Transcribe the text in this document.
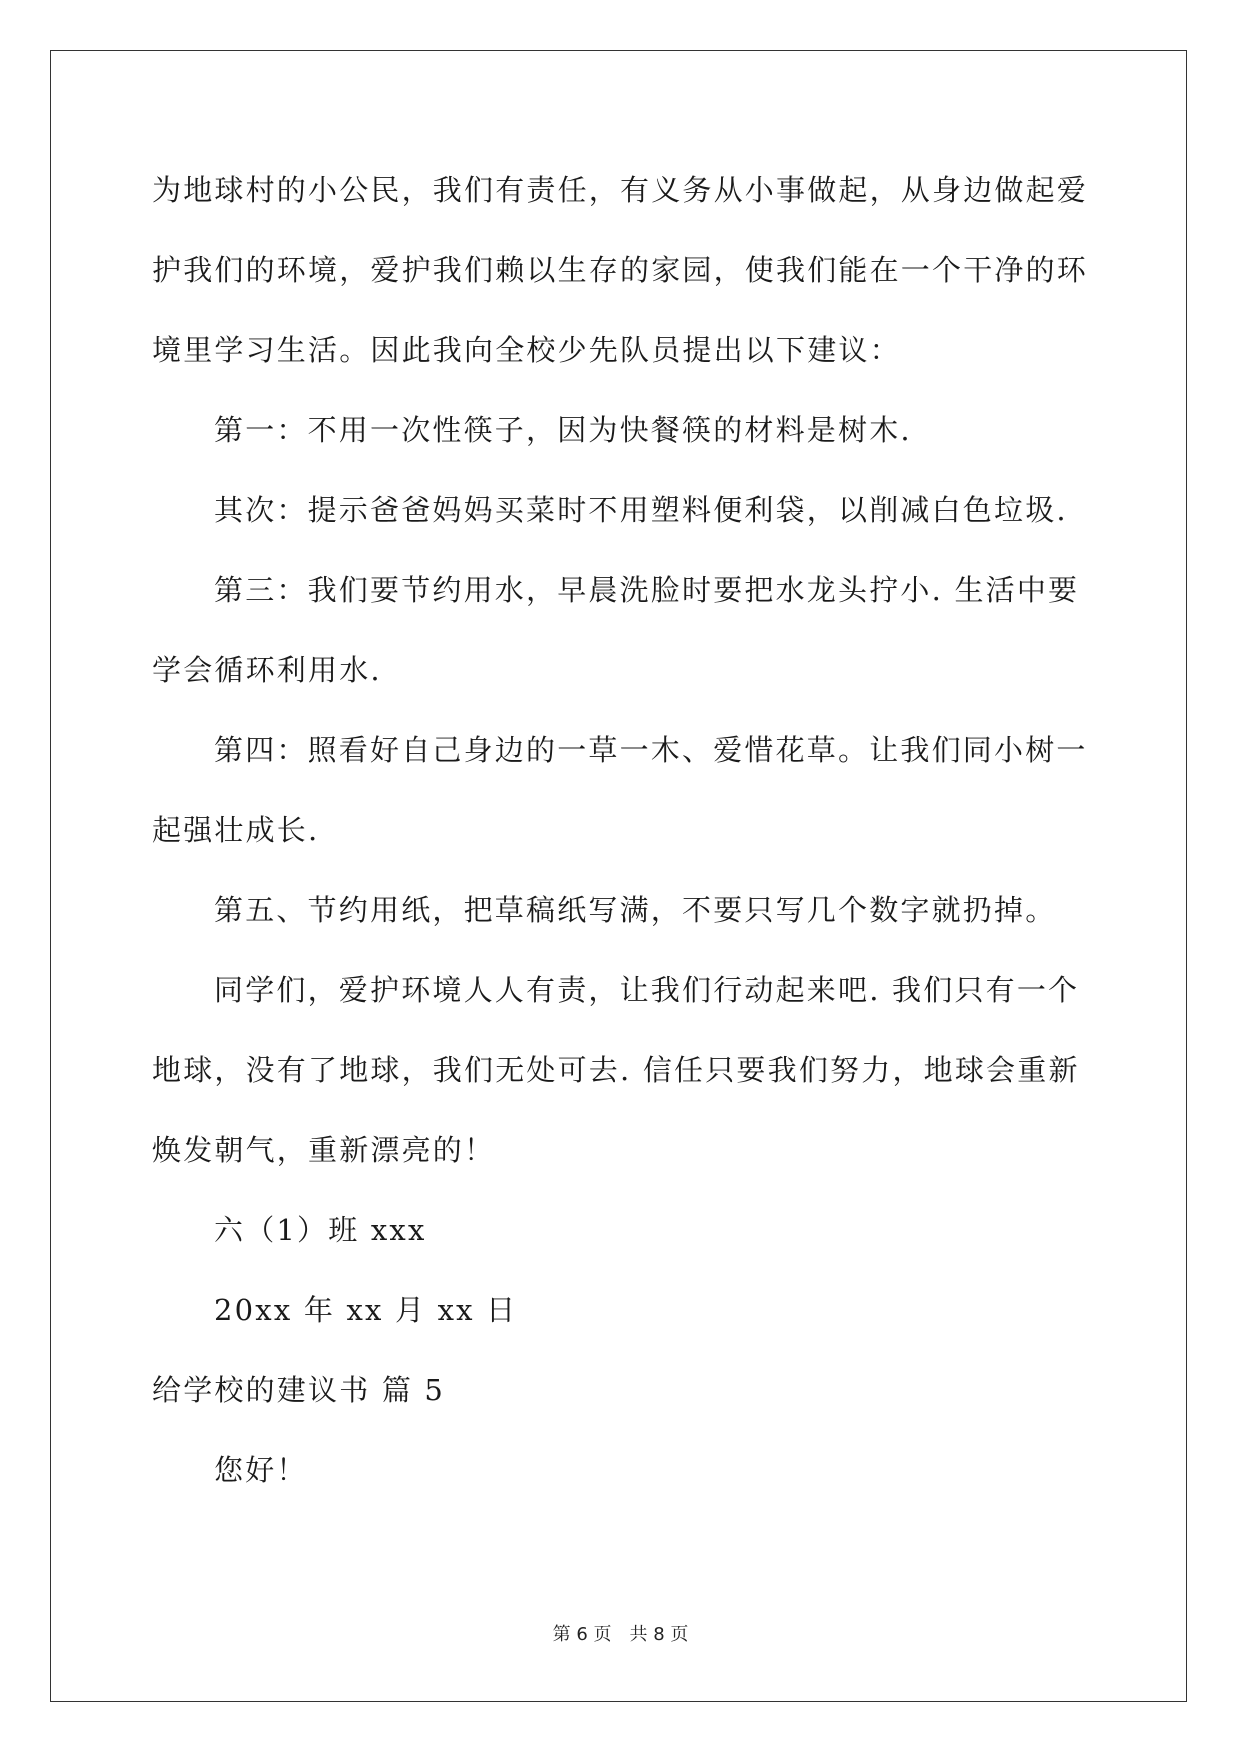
为地球村的小公民，我们有责任，有义务从小事做起，从身边做起爱
护我们的环境，爱护我们赖以生存的家园，使我们能在一个干净的环
境里学习生活。因此我向全校少先队员提出以下建议：
第一：不用一次性筷子，因为快餐筷的材料是树木.
其次：提示爸爸妈妈买菜时不用塑料便利袋，以削减白色垃圾.
第三：我们要节约用水，早晨洗脸时要把水龙头拧小. 生活中要
学会循环利用水.
第四：照看好自己身边的一草一木、爱惜花草。让我们同小树一
起强壮成长.
第五、节约用纸，把草稿纸写满，不要只写几个数字就扔掉。
同学们，爱护环境人人有责，让我们行动起来吧. 我们只有一个
地球，没有了地球，我们无处可去. 信任只要我们努力，地球会重新
焕发朝气，重新漂亮的！
六（1）班 xxx
20xx 年 xx 月 xx 日
给学校的建议书 篇 5
您好！
第 6 页 共 8 页
